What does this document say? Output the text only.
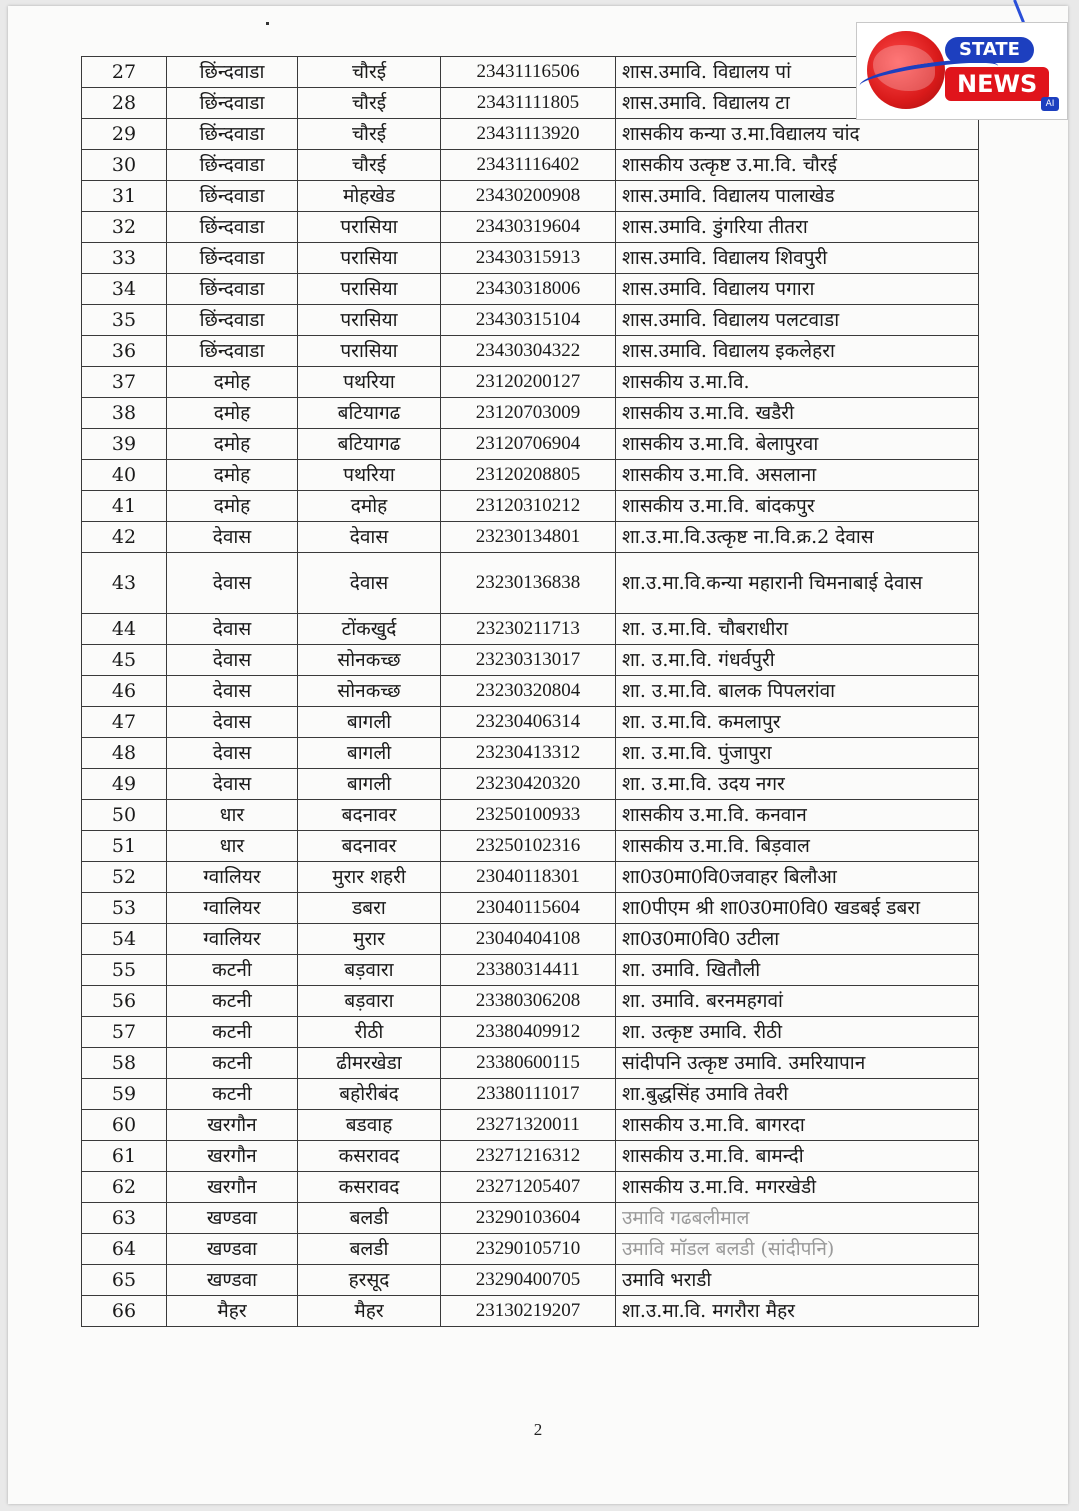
27	छिंन्दवाडा	चौरई	23431116506	शास.उमावि. विद्यालय पां
28	छिंन्दवाडा	चौरई	23431111805	शास.उमावि. विद्यालय टा
29	छिंन्दवाडा	चौरई	23431113920	शासकीय कन्या उ.मा.विद्यालय चांद
30	छिंन्दवाडा	चौरई	23431116402	शासकीय उत्कृष्ट उ.मा.वि. चौरई
31	छिंन्दवाडा	मोहखेड	23430200908	शास.उमावि. विद्यालय पालाखेड
32	छिंन्दवाडा	परासिया	23430319604	शास.उमावि. डुंगरिया तीतरा
33	छिंन्दवाडा	परासिया	23430315913	शास.उमावि. विद्यालय शिवपुरी
34	छिंन्दवाडा	परासिया	23430318006	शास.उमावि. विद्यालय पगारा
35	छिंन्दवाडा	परासिया	23430315104	शास.उमावि. विद्यालय पलटवाडा
36	छिंन्दवाडा	परासिया	23430304322	शास.उमावि. विद्यालय इकलेहरा
37	दमोह	पथरिया	23120200127	शासकीय उ.मा.वि.
38	दमोह	बटियागढ	23120703009	शासकीय उ.मा.वि. खडैरी
39	दमोह	बटियागढ	23120706904	शासकीय उ.मा.वि. बेलापुरवा
40	दमोह	पथरिया	23120208805	शासकीय उ.मा.वि. असलाना
41	दमोह	दमोह	23120310212	शासकीय उ.मा.वि. बांदकपुर
42	देवास	देवास	23230134801	शा.उ.मा.वि.उत्कृष्ट ना.वि.क्र.2 देवास
43	देवास	देवास	23230136838	शा.उ.मा.वि.कन्या महारानी चिमनाबाई देवास
44	देवास	टोंकखुर्द	23230211713	शा. उ.मा.वि. चौबराधीरा
45	देवास	सोनकच्छ	23230313017	शा. उ.मा.वि. गंधर्वपुरी
46	देवास	सोनकच्छ	23230320804	शा. उ.मा.वि. बालक पिपलरांवा
47	देवास	बागली	23230406314	शा. उ.मा.वि. कमलापुर
48	देवास	बागली	23230413312	शा. उ.मा.वि. पुंजापुरा
49	देवास	बागली	23230420320	शा. उ.मा.वि. उदय नगर
50	धार	बदनावर	23250100933	शासकीय उ.मा.वि. कनवान
51	धार	बदनावर	23250102316	शासकीय उ.मा.वि. बिड़वाल
52	ग्वालियर	मुरार शहरी	23040118301	शा0उ0मा0वि0जवाहर बिलौआ
53	ग्वालियर	डबरा	23040115604	शा0पीएम श्री शा0उ0मा0वि0 खडबई डबरा
54	ग्वालियर	मुरार	23040404108	शा0उ0मा0वि0 उटीला
55	कटनी	बड़वारा	23380314411	शा. उमावि. खितौली
56	कटनी	बड़वारा	23380306208	शा. उमावि. बरनमहगवां
57	कटनी	रीठी	23380409912	शा. उत्कृष्ट उमावि. रीठी
58	कटनी	ढीमरखेडा	23380600115	सांदीपनि उत्कृष्ट उमावि. उमरियापान
59	कटनी	बहोरीबंद	23380111017	शा.बुद्धसिंह उमावि तेवरी
60	खरगौन	बडवाह	23271320011	शासकीय उ.मा.वि. बागरदा
61	खरगौन	कसरावद	23271216312	शासकीय उ.मा.वि. बामन्दी
62	खरगौन	कसरावद	23271205407	शासकीय उ.मा.वि. मगरखेडी
63	खण्डवा	बलडी	23290103604	उमावि गढबलीमाल
64	खण्डवा	बलडी	23290105710	उमावि मॉडल बलडी (सांदीपनि)
65	खण्डवा	हरसूद	23290400705	उमावि भराडी
66	मैहर	मैहर	23130219207	शा.उ.मा.वि. मगरौरा मैहर
2
STATE
NEWS
AI
